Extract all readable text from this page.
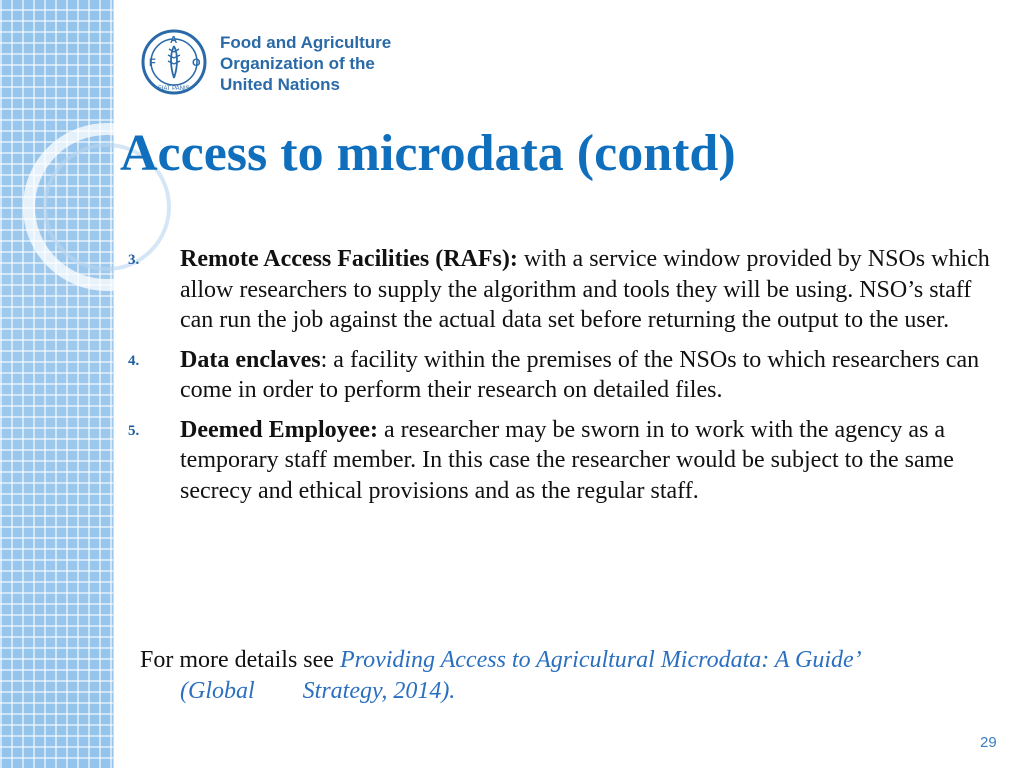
F
A
O
FIAT PANIS
Food and Agriculture
Organization of the
United Nations
Access to microdata (contd)
3. Remote Access Facilities (RAFs): with a service window provided by NSOs which allow researchers to supply the algorithm and tools they will be using. NSO’s staff can run the job against the actual data set before returning the output to the user.
4. Data enclaves: a facility within the premises of the NSOs to which researchers can come in order to perform their research on detailed files.
5. Deemed Employee: a researcher may be sworn in to work with the agency as a temporary staff member. In this case the researcher would be subject to the same secrecy and ethical provisions and as the regular staff.
For more details see Providing Access to Agricultural Microdata: A Guide’
(Global        Strategy, 2014).
29
